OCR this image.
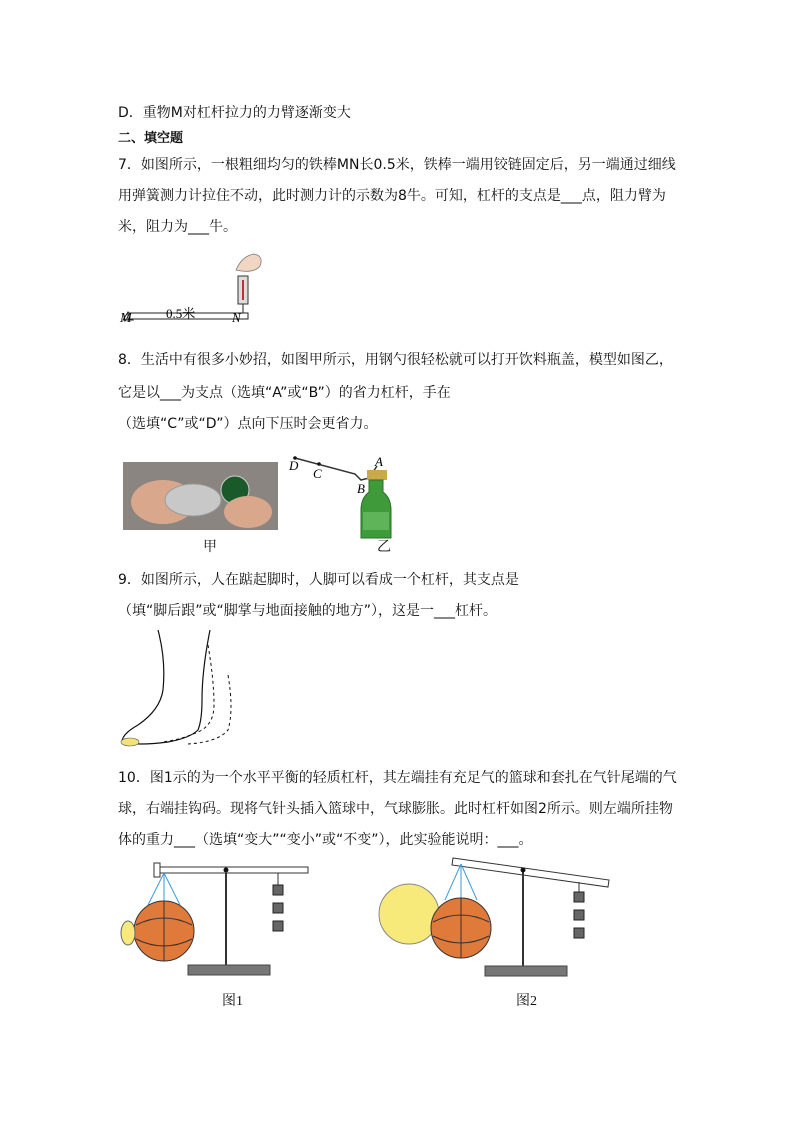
D．重物M对杠杆拉力的力臂逐渐变大
二、填空题
7．如图所示，一根粗细均匀的铁棒MN长0.5米，铁棒一端用铰链固定后，另一端通过细线
用弹簧测力计拉住不动，此时测力计的示数为8牛。可知，杠杆的支点是___点，阻力臂为
米，阻力为___牛。
M	0.5米	N
8．生活中有很多小妙招，如图甲所示，用钢勺很轻松就可以打开饮料瓶盖，模型如图乙，
它是以___为支点（选填“A”或“B”）的省力杠杆，手在
（选填“C”或“D”）点向下压时会更省力。
甲
D
C
B
A
乙
9．如图所示，人在踮起脚时，人脚可以看成一个杠杆，其支点是
（填“脚后跟”或“脚掌与地面接触的地方”），这是一___杠杆。
10．图1示的为一个水平平衡的轻质杠杆，其左端挂有充足气的篮球和套扎在气针尾端的气
球，右端挂钩码。现将气针头插入篮球中，气球膨胀。此时杠杆如图2所示。则左端所挂物
体的重力___（选填“变大”“变小”或“不变”），此实验能说明：___。
图1	图2
